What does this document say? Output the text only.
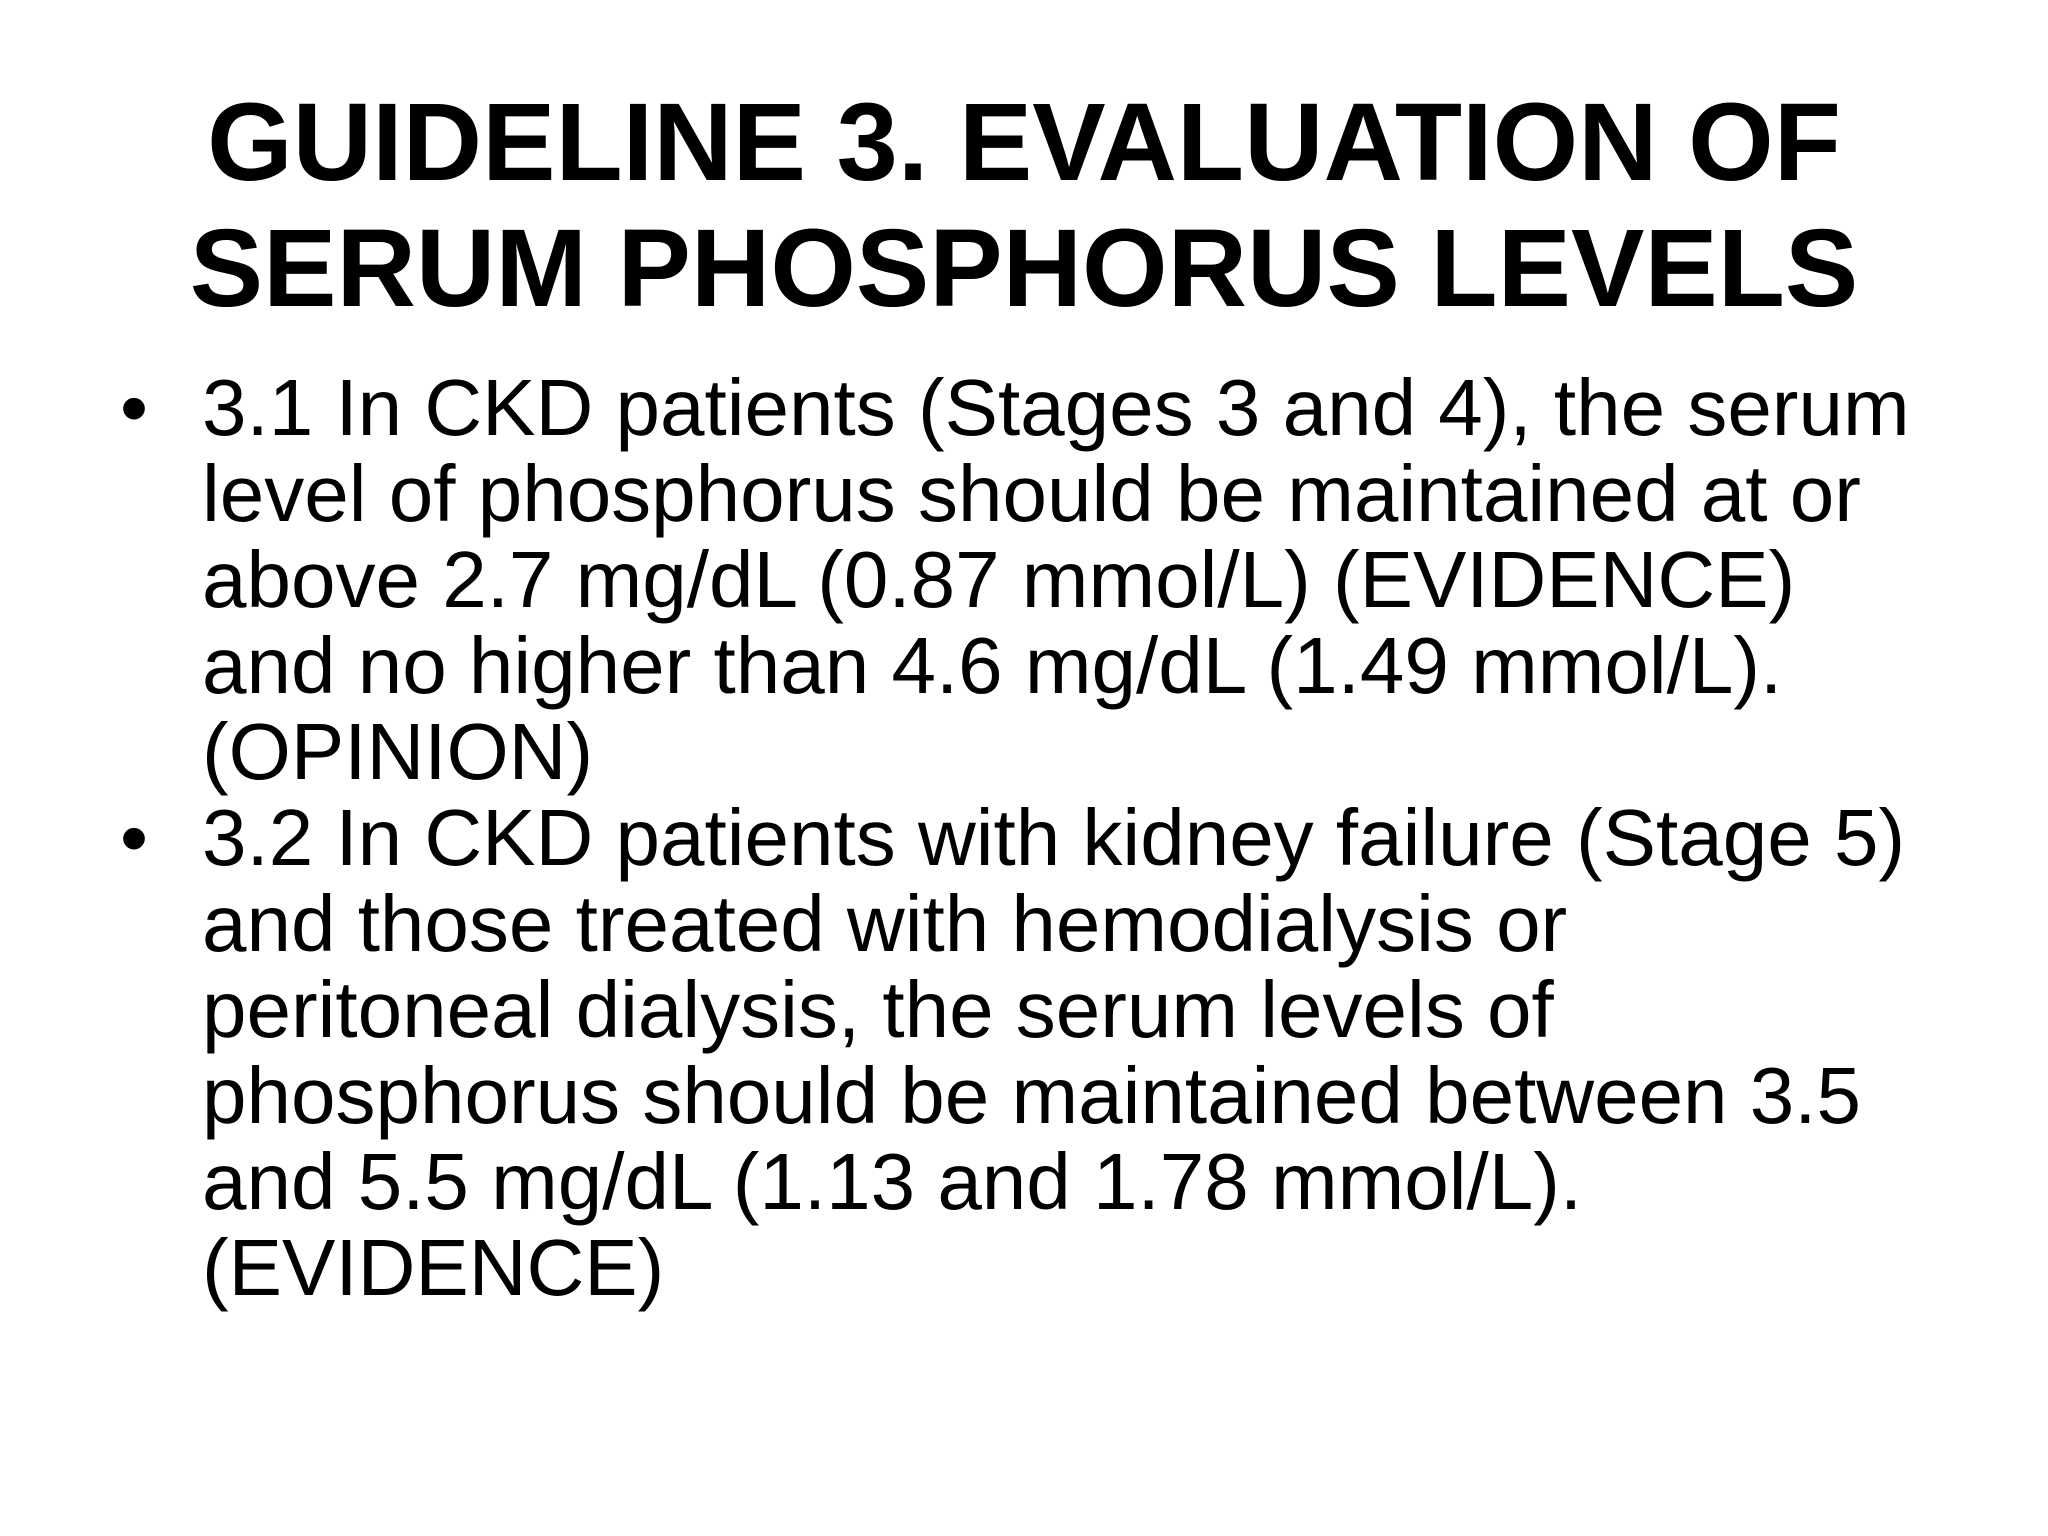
GUIDELINE 3. EVALUATION OF
SERUM PHOSPHORUS LEVELS
• 3.1 In CKD patients (Stages 3 and 4), the serum
level of phosphorus should be maintained at or
above 2.7 mg/dL (0.87 mmol/L) (EVIDENCE)
and no higher than 4.6 mg/dL (1.49 mmol/L).
(OPINION)
• 3.2 In CKD patients with kidney failure (Stage 5)
and those treated with hemodialysis or
peritoneal dialysis, the serum levels of
phosphorus should be maintained between 3.5
and 5.5 mg/dL (1.13 and 1.78 mmol/L).
(EVIDENCE)
